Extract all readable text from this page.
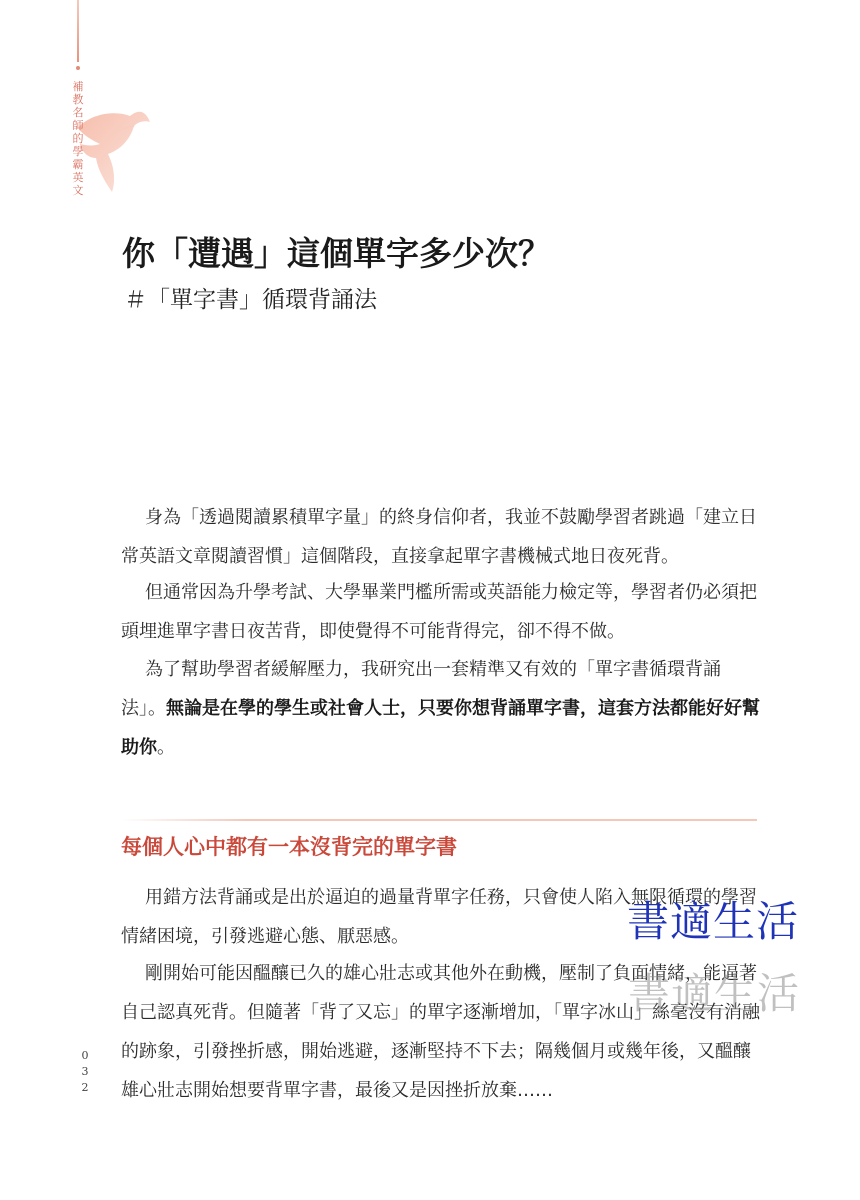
補教名師的學霸英文
你「遭遇」這個單字多少次？
＃「單字書」循環背誦法

身為「透過閱讀累積單字量」的終身信仰者，我並不鼓勵學習者跳過「建立日常英語文章閱讀習慣」這個階段，直接拿起單字書機械式地日夜死背。

但通常因為升學考試、大學畢業門檻所需或英語能力檢定等，學習者仍必須把頭埋進單字書日夜苦背，即使覺得不可能背得完，卻不得不做。

為了幫助學習者緩解壓力，我研究出一套精準又有效的「單字書循環背誦法」。無論是在學的學生或社會人士，只要你想背誦單字書，這套方法都能好好幫助你。

每個人心中都有一本沒背完的單字書

用錯方法背誦或是出於逼迫的過量背單字任務，只會使人陷入無限循環的學習情緒困境，引發逃避心態、厭惡感。

剛開始可能因醞釀已久的雄心壯志或其他外在動機，壓制了負面情緒，能逼著自己認真死背。但隨著「背了又忘」的單字逐漸增加，「單字冰山」絲毫沒有消融的跡象，引發挫折感，開始逃避，逐漸堅持不下去；隔幾個月或幾年後，又醞釀雄心壯志開始想要背單字書，最後又是因挫折放棄……

032
書適生活
書適生活
